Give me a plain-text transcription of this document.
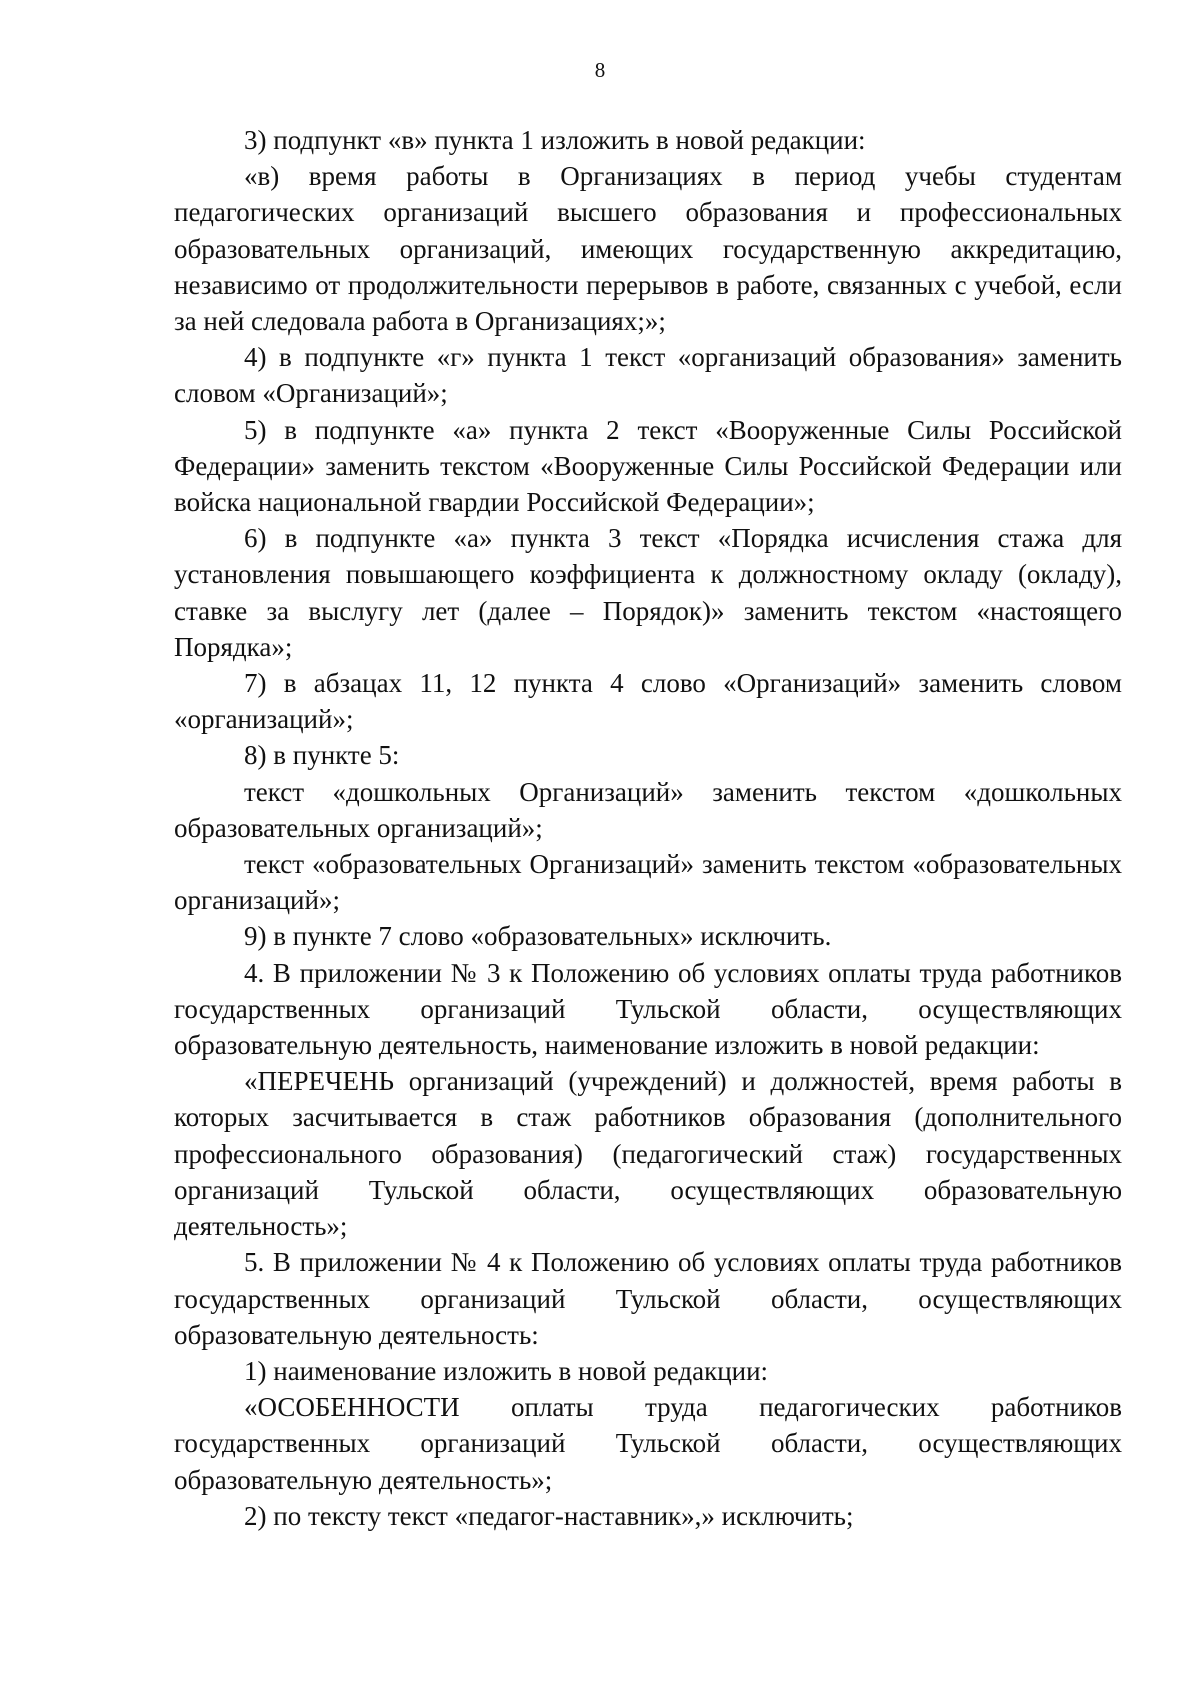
8

3) подпункт «в» пункта 1 изложить в новой редакции:

«в) время работы в Организациях в период учебы студентам педагогических организаций высшего образования и профессиональных образовательных организаций, имеющих государственную аккредитацию, независимо от продолжительности перерывов в работе, связанных с учебой, если за ней следовала работа в Организациях;»;

4) в подпункте «г» пункта 1 текст «организаций образования» заменить словом «Организаций»;

5) в подпункте «а» пункта 2 текст «Вооруженные Силы Российской Федерации» заменить текстом «Вооруженные Силы Российской Федерации или войска национальной гвардии Российской Федерации»;

6) в подпункте «а» пункта 3 текст «Порядка исчисления стажа для установления повышающего коэффициента к должностному окладу (окладу), ставке за выслугу лет (далее – Порядок)» заменить текстом «настоящего Порядка»;

7) в абзацах 11, 12 пункта 4 слово «Организаций» заменить словом «организаций»;

8) в пункте 5:

текст «дошкольных Организаций» заменить текстом «дошкольных образовательных организаций»;

текст «образовательных Организаций» заменить текстом «образовательных организаций»;

9) в пункте 7 слово «образовательных» исключить.

4. В приложении № 3 к Положению об условиях оплаты труда работников государственных организаций Тульской области, осуществляющих образовательную деятельность, наименование изложить в новой редакции:

«ПЕРЕЧЕНЬ организаций (учреждений) и должностей, время работы в которых засчитывается в стаж работников образования (дополнительного профессионального образования) (педагогический стаж) государственных организаций Тульской области, осуществляющих образовательную деятельность»;

5. В приложении № 4 к Положению об условиях оплаты труда работников государственных организаций Тульской области, осуществляющих образовательную деятельность:

1) наименование изложить в новой редакции:

«ОСОБЕННОСТИ оплаты труда педагогических работников государственных организаций Тульской области, осуществляющих образовательную деятельность»;

2) по тексту текст «педагог-наставник»,» исключить;
